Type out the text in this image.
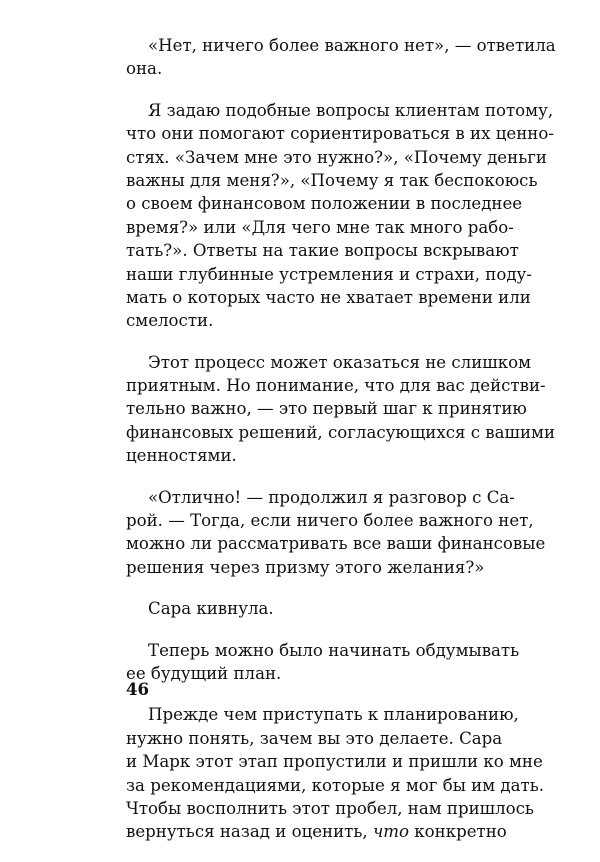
«Нет, ничего более важного нет», — ответила
она.
Я задаю подобные вопросы клиентам потому,
что они помогают сориентироваться в их ценно-
стях. «Зачем мне это нужно?», «Почему деньги
важны для меня?», «Почему я так беспокоюсь
о своем финансовом положении в последнее
время?» или «Для чего мне так много рабо-
тать?». Ответы на такие вопросы вскрывают
наши глубинные устремления и страхи, поду-
мать о которых часто не хватает времени или
смелости.
Этот процесс может оказаться не слишком
приятным. Но понимание, что для вас действи-
тельно важно, — это первый шаг к принятию
финансовых решений, согласующихся с вашими
ценностями.
«Отлично! — продолжил я разговор с Са-
рой. — Тогда, если ничего более важного нет,
можно ли рассматривать все ваши финансовые
решения через призму этого желания?»
Сара кивнула.
Теперь можно было начинать обдумывать
ее будущий план.
Прежде чем приступать к планированию,
нужно понять, зачем вы это делаете. Сара
и Марк этот этап пропустили и пришли ко мне
за рекомендациями, которые я мог бы им дать.
Чтобы восполнить этот пробел, нам пришлось
вернуться назад и оценить, что конкретно
46
